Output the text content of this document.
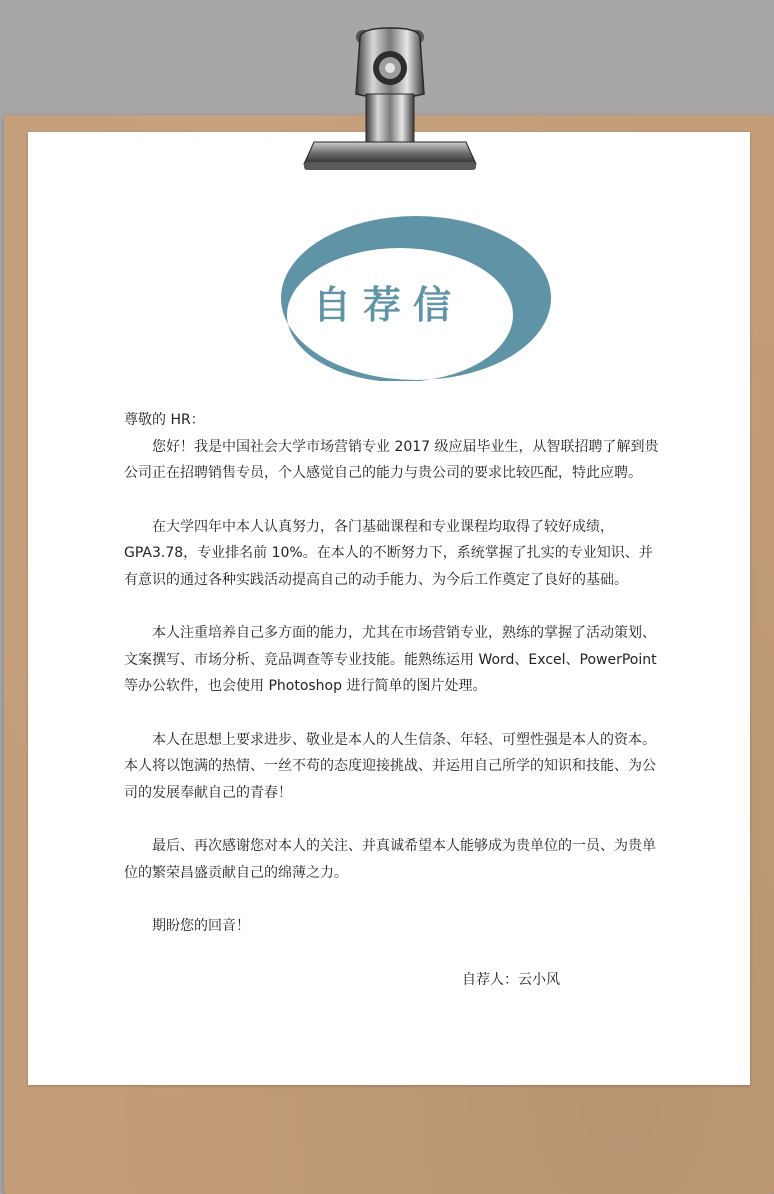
自荐信

尊敬的 HR：

您好！我是中国社会大学市场营销专业 2017 级应届毕业生，从智联招聘了解到贵公司正在招聘销售专员，个人感觉自己的能力与贵公司的要求比较匹配，特此应聘。

在大学四年中本人认真努力，各门基础课程和专业课程均取得了较好成绩，GPA3.78，专业排名前 10%。在本人的不断努力下，系统掌握了扎实的专业知识、并有意识的通过各种实践活动提高自己的动手能力、为今后工作奠定了良好的基础。

本人注重培养自己多方面的能力，尤其在市场营销专业，熟练的掌握了活动策划、文案撰写、市场分析、竞品调查等专业技能。能熟练运用 Word、Excel、PowerPoint 等办公软件，也会使用 Photoshop 进行简单的图片处理。

本人在思想上要求进步、敬业是本人的人生信条、年轻、可塑性强是本人的资本。本人将以饱满的热情、一丝不苟的态度迎接挑战、并运用自己所学的知识和技能、为公司的发展奉献自己的青春！

最后、再次感谢您对本人的关注、并真诚希望本人能够成为贵单位的一员、为贵单位的繁荣昌盛贡献自己的绵薄之力。

期盼您的回音！

自荐人：云小风
